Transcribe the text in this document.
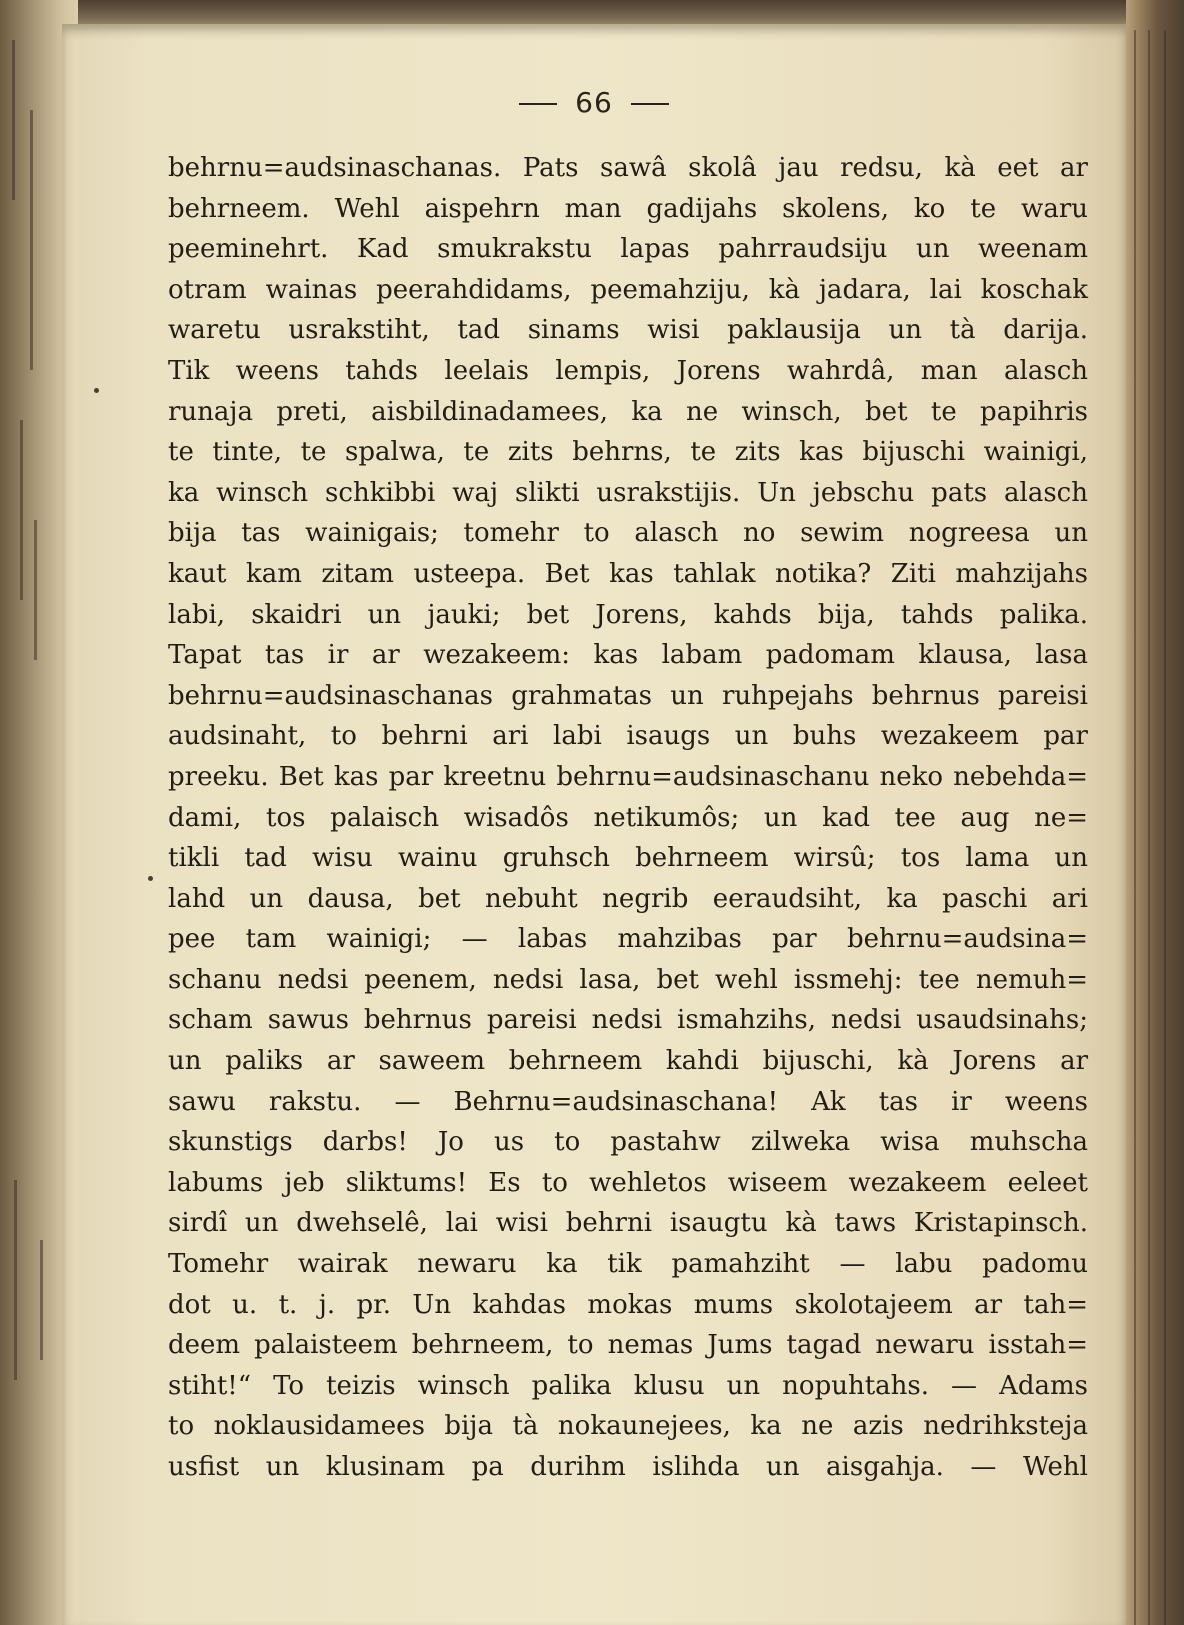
66
behrnu=audsinaschanas. Pats sawâ skolâ jau redsu, kà eet ar
behrneem. Wehl aispehrn man gadijahs skolens, ko te waru
peeminehrt. Kad smukrakstu lapas pahrraudsiju un weenam
otram wainas peerahdidams, peemahziju, kà jadara, lai koschak
waretu usrakstiht, tad sinams wisi paklausija un tà darija.
Tik weens tahds leelais lempis, Jorens wahrdâ, man alasch
runaja preti, aisbildinadamees, ka ne winsch, bet te papihris
te tinte, te spalwa, te zits behrns, te zits kas bijuschi wainigi,
ka winsch schkibbi waj slikti usrakstijis. Un jebschu pats alasch
bija tas wainigais; tomehr to alasch no sewim nogreesa un
kaut kam zitam usteepa. Bet kas tahlak notika? Ziti mahzijahs
labi, skaidri un jauki; bet Jorens, kahds bija, tahds palika.
Tapat tas ir ar wezakeem: kas labam padomam klausa, lasa
behrnu=audsinaschanas grahmatas un ruhpejahs behrnus pareisi
audsinaht, to behrni ari labi isaugs un buhs wezakeem par
preeku. Bet kas par kreetnu behrnu=audsinaschanu neko nebehda=
dami, tos palaisch wisadôs netikumôs; un kad tee aug ne=
tikli tad wisu wainu gruhsch behrneem wirsû; tos lama un
lahd un dausa, bet nebuht negrib eeraudsiht, ka paschi ari
pee tam wainigi; — labas mahzibas par behrnu=audsina=
schanu nedsi peenem, nedsi lasa, bet wehl issmehj: tee nemuh=
scham sawus behrnus pareisi nedsi ismahzihs, nedsi usaudsinahs;
un paliks ar saweem behrneem kahdi bijuschi, kà Jorens ar
sawu rakstu. — Behrnu=audsinaschana! Ak tas ir weens
skunstigs darbs! Jo us to pastahw zilweka wisa muhscha
labums jeb sliktums! Es to wehletos wiseem wezakeem eeleet
sirdî un dwehselê, lai wisi behrni isaugtu kà taws Kristapinsch.
Tomehr wairak newaru ka tik pamahziht — labu padomu
dot u. t. j. pr. Un kahdas mokas mums skolotajeem ar tah=
deem palaisteem behrneem, to nemas Jums tagad newaru isstah=
stiht!“ To teizis winsch palika klusu un nopuhtahs. — Adams
to noklausidamees bija tà nokaunejees, ka ne azis nedrihksteja
usfist un klusinam pa durihm islihda un aisgahja. — Wehl
